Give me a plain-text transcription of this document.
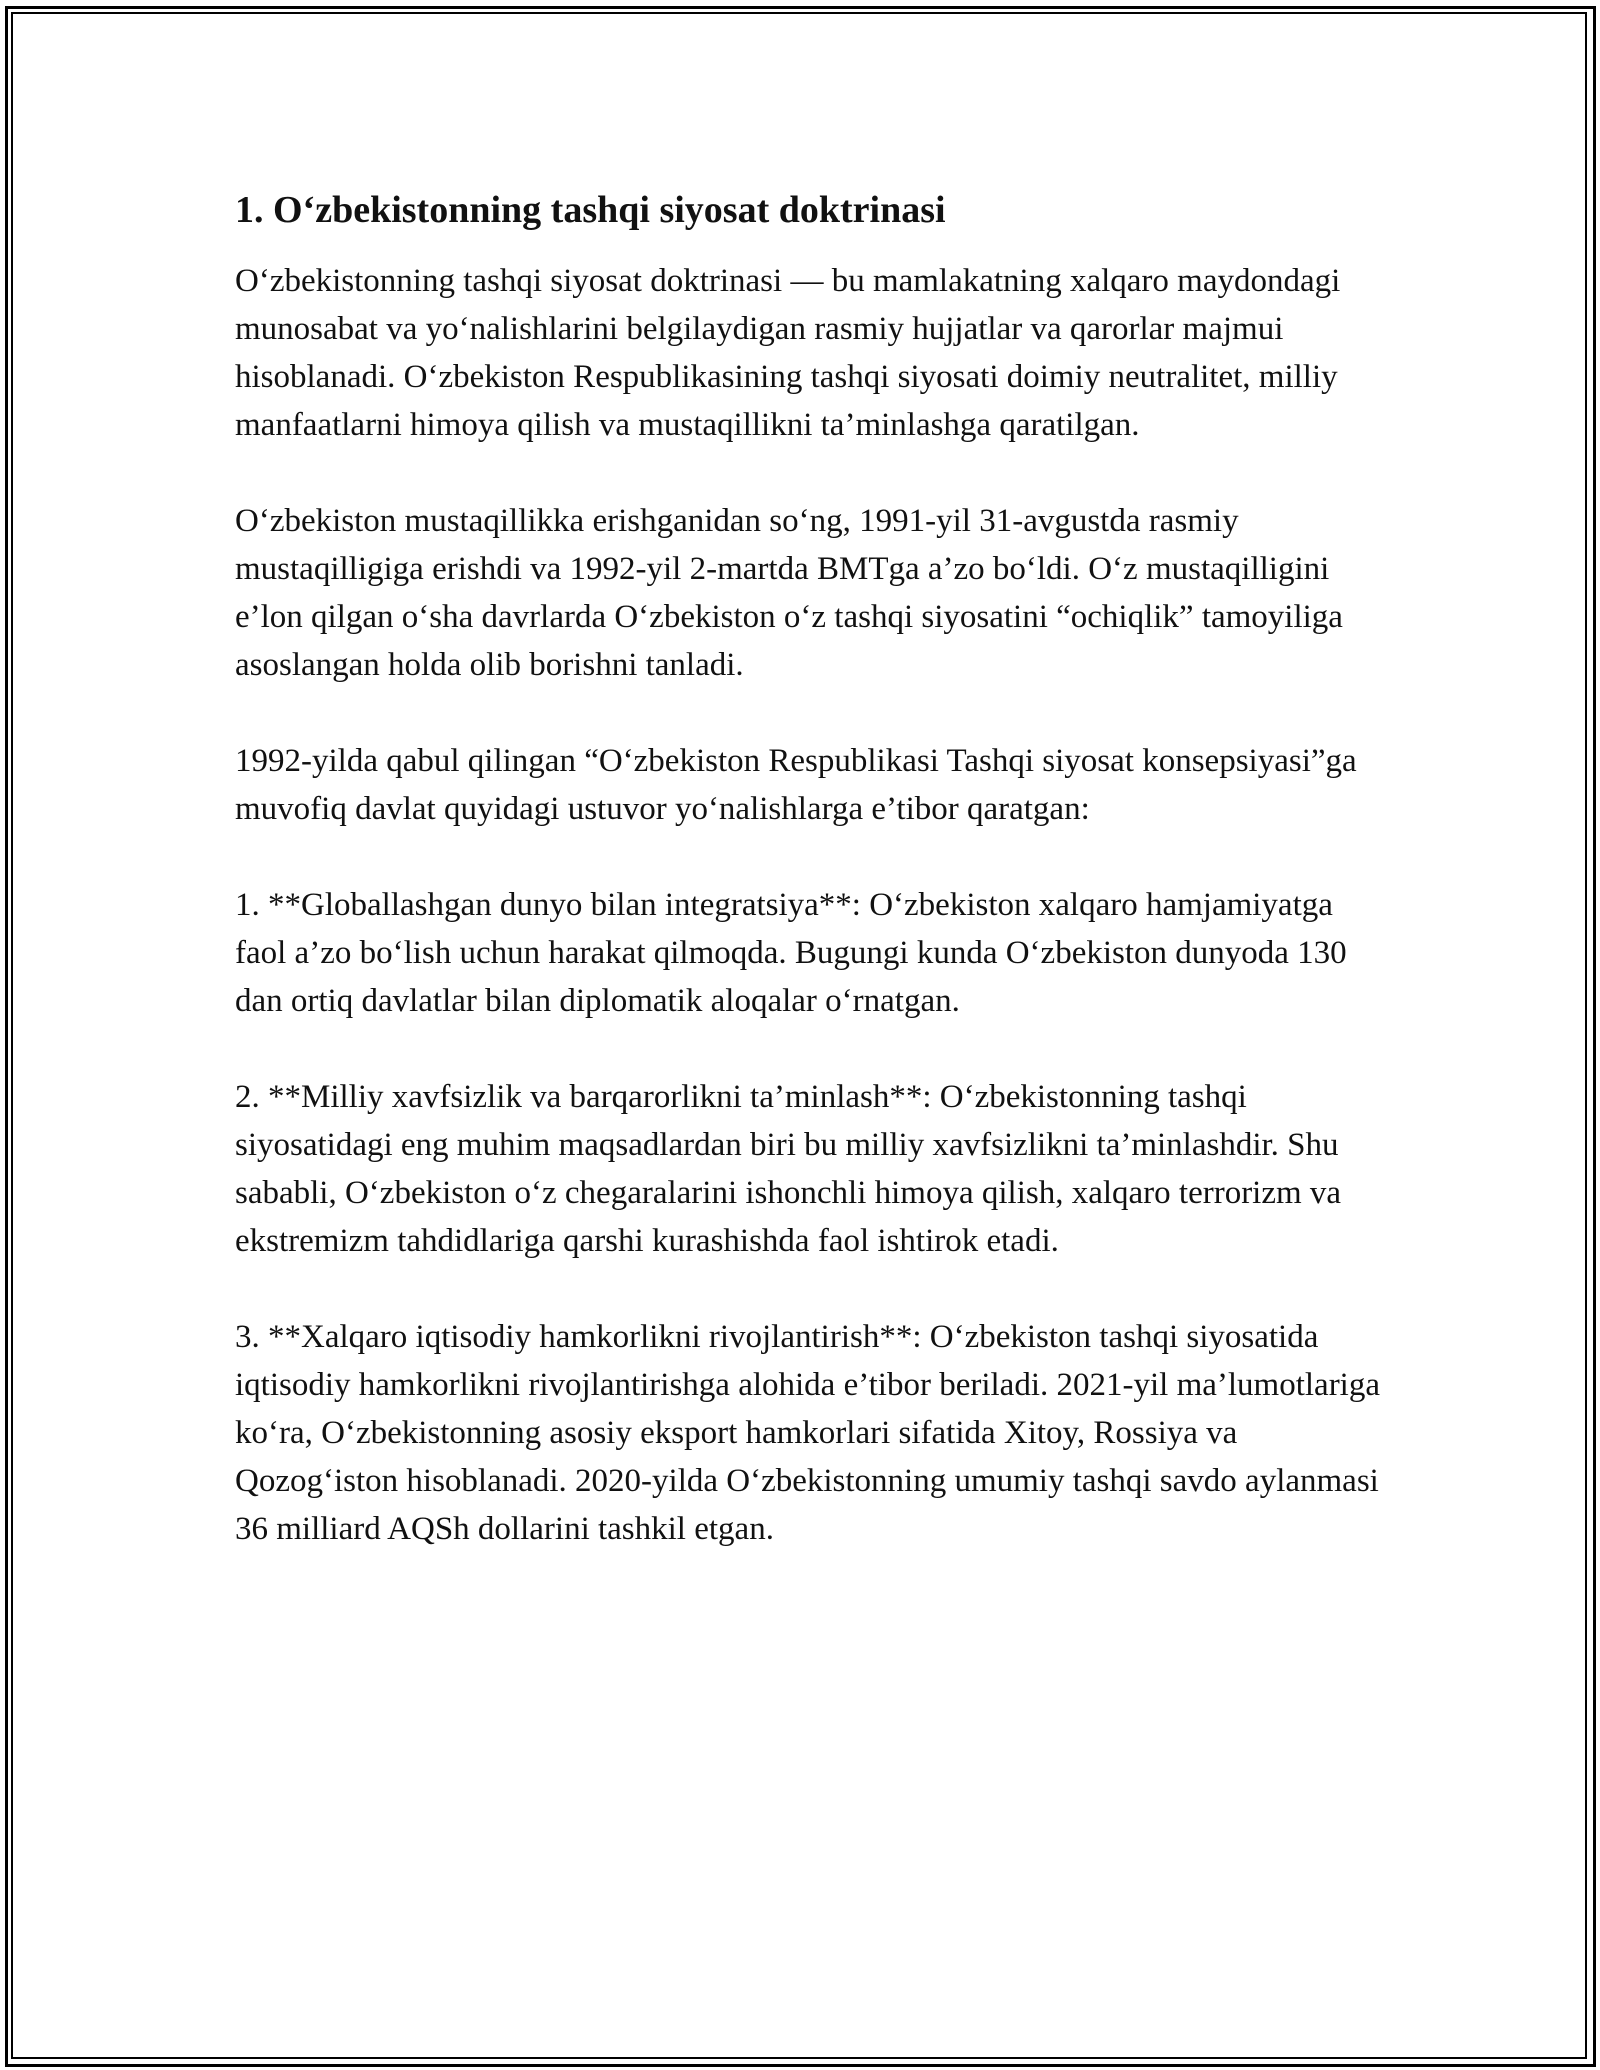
1. O‘zbekistonning tashqi siyosat doktrinasi

O‘zbekistonning tashqi siyosat doktrinasi — bu mamlakatning xalqaro maydondagi munosabat va yo‘nalishlarini belgilaydigan rasmiy hujjatlar va qarorlar majmui hisoblanadi. O‘zbekiston Respublikasining tashqi siyosati doimiy neutralitet, milliy manfaatlarni himoya qilish va mustaqillikni ta’minlashga qaratilgan.

O‘zbekiston mustaqillikka erishganidan so‘ng, 1991-yil 31-avgustda rasmiy mustaqilligiga erishdi va 1992-yil 2-martda BMTga a’zo bo‘ldi. O‘z mustaqilligini e’lon qilgan o‘sha davrlarda O‘zbekiston o‘z tashqi siyosatini “ochiqlik” tamoyiliga asoslangan holda olib borishni tanladi.

1992-yilda qabul qilingan “O‘zbekiston Respublikasi Tashqi siyosat konsepsiyasi”ga muvofiq davlat quyidagi ustuvor yo‘nalishlarga e’tibor qaratgan:

1. **Globallashgan dunyo bilan integratsiya**: O‘zbekiston xalqaro hamjamiyatga faol a’zo bo‘lish uchun harakat qilmoqda. Bugungi kunda O‘zbekiston dunyoda 130 dan ortiq davlatlar bilan diplomatik aloqalar o‘rnatgan.

2. **Milliy xavfsizlik va barqarorlikni ta’minlash**: O‘zbekistonning tashqi siyosatidagi eng muhim maqsadlardan biri bu milliy xavfsizlikni ta’minlashdir. Shu sababli, O‘zbekiston o‘z chegaralarini ishonchli himoya qilish, xalqaro terrorizm va ekstremizm tahdidlariga qarshi kurashishda faol ishtirok etadi.

3. **Xalqaro iqtisodiy hamkorlikni rivojlantirish**: O‘zbekiston tashqi siyosatida iqtisodiy hamkorlikni rivojlantirishga alohida e’tibor beriladi. 2021-yil ma’lumotlariga ko‘ra, O‘zbekistonning asosiy eksport hamkorlari sifatida Xitoy, Rossiya va Qozog‘iston hisoblanadi. 2020-yilda O‘zbekistonning umumiy tashqi savdo aylanmasi 36 milliard AQSh dollarini tashkil etgan.
